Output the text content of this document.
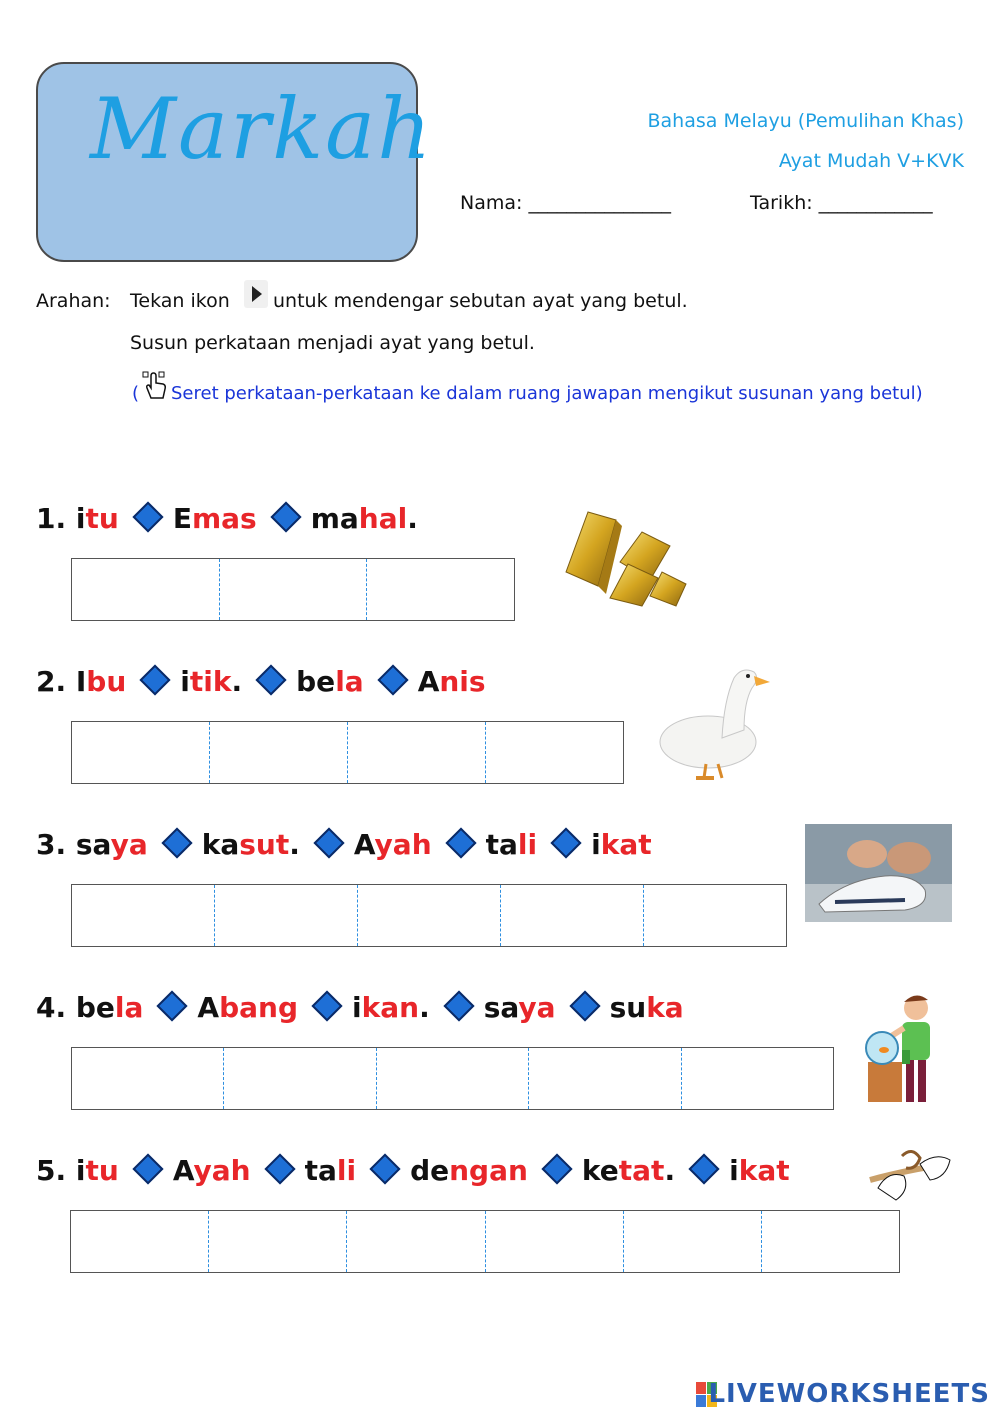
Markah	Bahasa Melayu (Pemulihan Khas)
Ayat Mudah V+KVK
Nama: _______________	Tarikh: ____________
Arahan: Tekan ikon untuk mendengar sebutan ayat yang betul.
Susun perkataan menjadi ayat yang betul.
( Seret perkataan-perkataan ke dalam ruang jawapan mengikut susunan yang betul)
1. itu Emas mahal.
2. Ibu itik. bela Anis
3. saya kasut. Ayah tali ikat
4. bela Abang ikan. saya suka
5. itu Ayah tali dengan ketat. ikat
LIVEWORKSHEETS
